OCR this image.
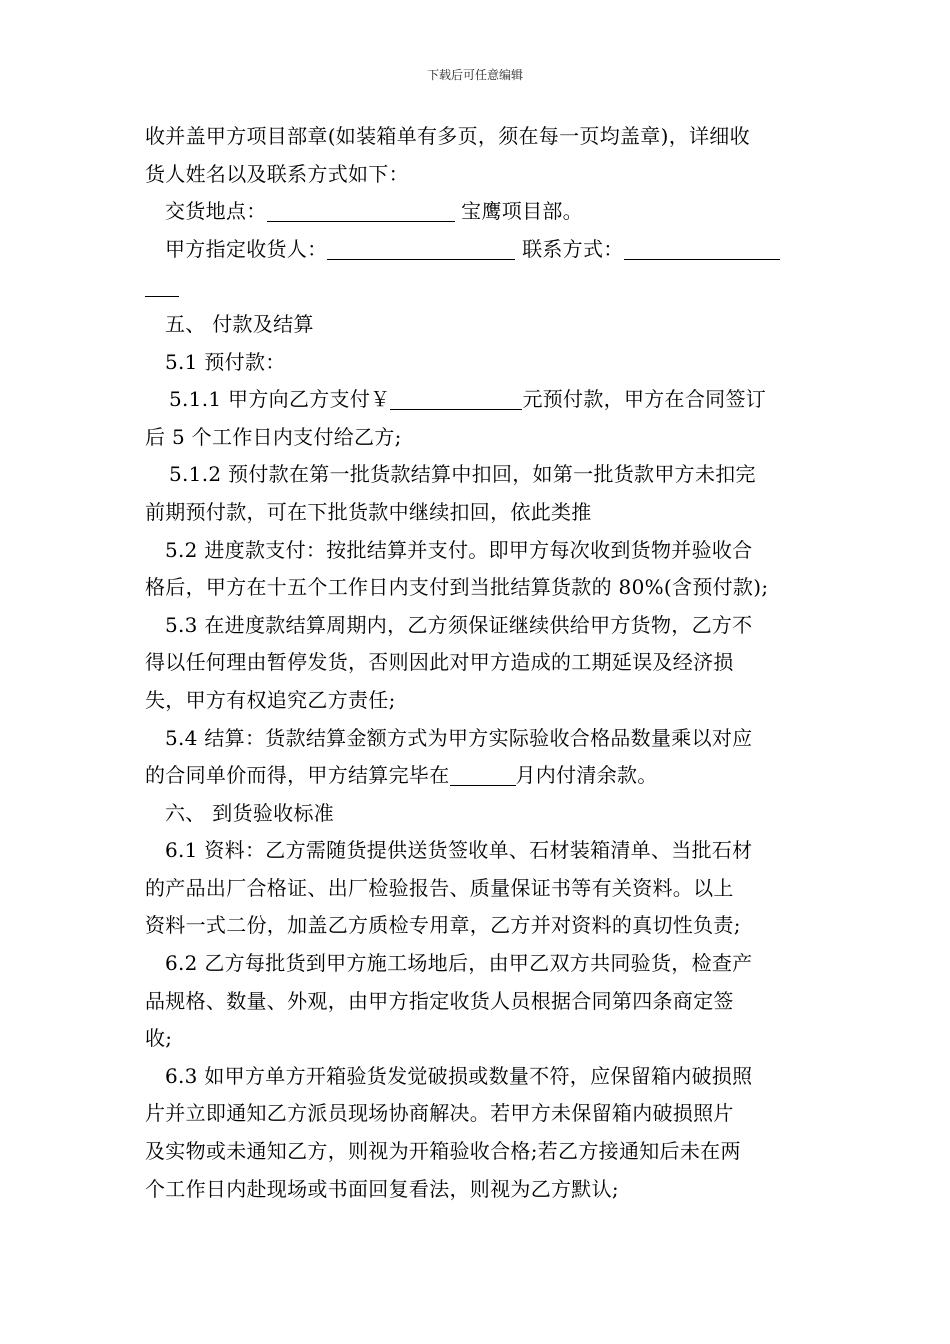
下载后可任意编辑
收并盖甲方项目部章(如装箱单有多页，须在每一页均盖章)，详细收
货人姓名以及联系方式如下：
交货地点：	宝鹰项目部。
甲方指定收货人：	联系方式：
五、 付款及结算
5.1 预付款：
5.1.1 甲方向乙方支付￥	元预付款，甲方在合同签订
后 5 个工作日内支付给乙方;
5.1.2 预付款在第一批货款结算中扣回，如第一批货款甲方未扣完
前期预付款，可在下批货款中继续扣回，依此类推
5.2 进度款支付：按批结算并支付。即甲方每次收到货物并验收合
格后，甲方在十五个工作日内支付到当批结算货款的 80%(含预付款);
5.3 在进度款结算周期内，乙方须保证继续供给甲方货物，乙方不
得以任何理由暂停发货，否则因此对甲方造成的工期延误及经济损
失，甲方有权追究乙方责任;
5.4 结算：货款结算金额方式为甲方实际验收合格品数量乘以对应
的合同单价而得，甲方结算完毕在	月内付清余款。
六、 到货验收标准
6.1 资料：乙方需随货提供送货签收单、石材装箱清单、当批石材
的产品出厂合格证、出厂检验报告、质量保证书等有关资料。以上
资料一式二份，加盖乙方质检专用章，乙方并对资料的真切性负责;
6.2 乙方每批货到甲方施工场地后，由甲乙双方共同验货，检查产
品规格、数量、外观，由甲方指定收货人员根据合同第四条商定签
收;
6.3 如甲方单方开箱验货发觉破损或数量不符，应保留箱内破损照
片并立即通知乙方派员现场协商解决。若甲方未保留箱内破损照片
及实物或未通知乙方，则视为开箱验收合格;若乙方接通知后未在两
个工作日内赴现场或书面回复看法，则视为乙方默认;
